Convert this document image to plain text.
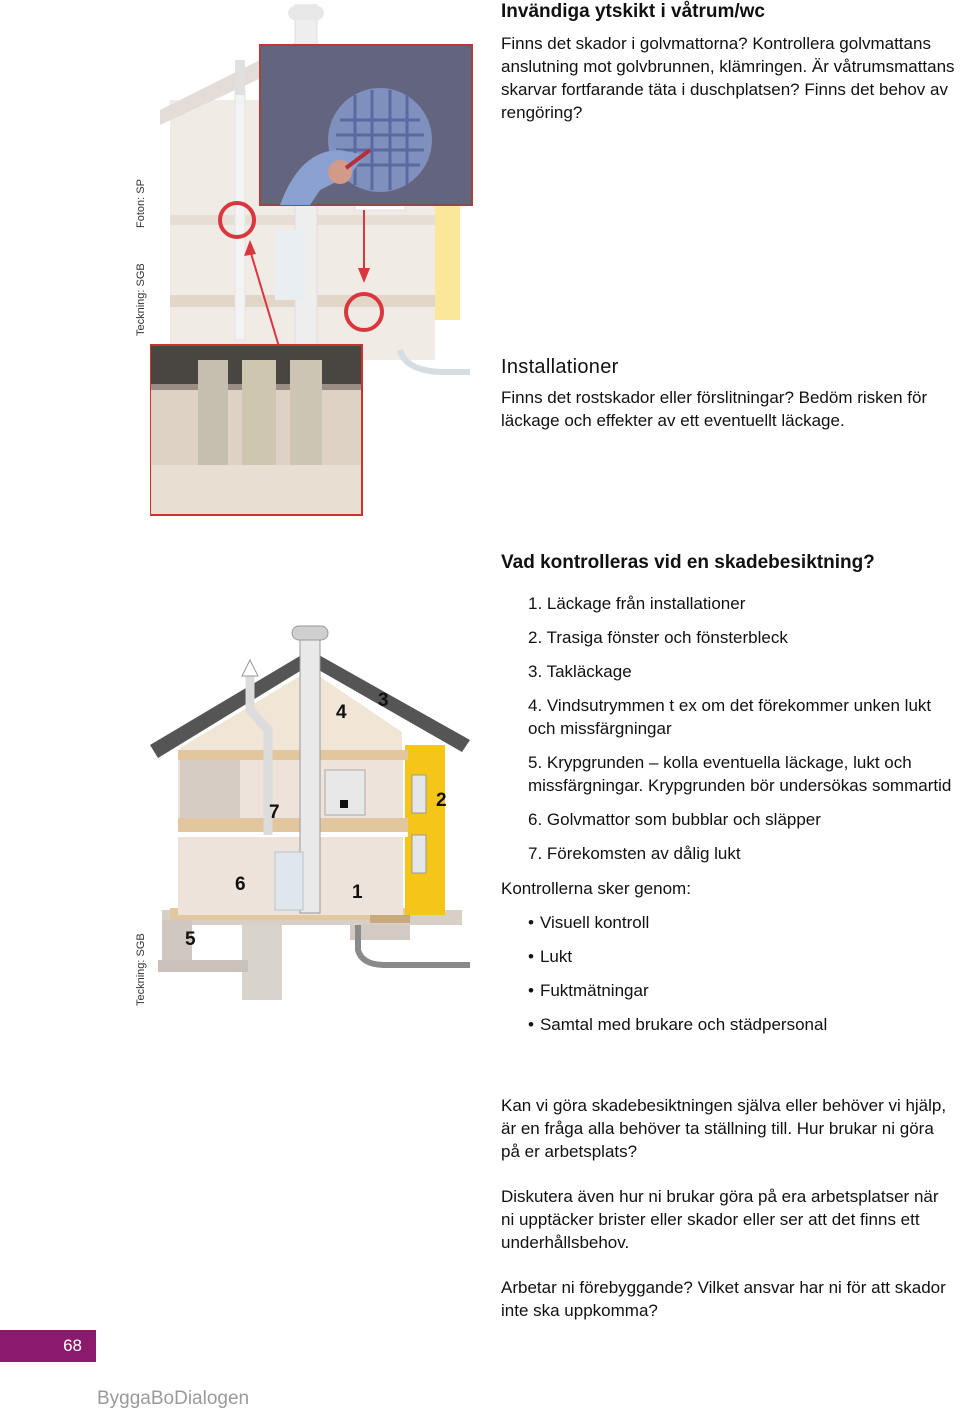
Foton: SP
Teckning: SGB
Invändiga ytskikt i våtrum/wc

Finns det skador i golvmattorna? Kontrollera golvmattans anslutning mot golvbrunnen, klämringen. Är våtrumsmattans skarvar fortfarande täta i duschplatsen? Finns det behov av rengöring?

Installationer

Finns det rostskador eller förslitningar? Bedöm risken för läckage och effekter av ett eventuellt läckage.

Vad kontrolleras vid en skadebesiktning?
1. Läckage från installationer
2. Trasiga fönster och fönsterbleck
3. Takläckage
4. Vindsutrymmen t ex om det förekommer unken lukt och missfärgningar
5. Krypgrunden – kolla eventuella läckage, lukt och missfärgningar. Krypgrunden bör undersökas sommartid
6. Golvmattor som bubblar och släpper
7. Förekomsten av dålig lukt

Kontrollerna sker genom:

• Visuell kontroll
• Lukt
• Fuktmätningar
• Samtal med brukare och städpersonal

Kan vi göra skadebesiktningen själva eller behöver vi hjälp, är en fråga alla behöver ta ställning till. Hur brukar ni göra på er arbetsplats?

Diskutera även hur ni brukar göra på era arbetsplatser när ni upptäcker brister eller skador eller ser att det finns ett underhållsbehov.

Arbetar ni förebyggande? Vilket ansvar har ni för att skador inte ska uppkomma?

1
2
3
4
5
6
7
Teckning: SGB
68
ByggaBoDialogen
